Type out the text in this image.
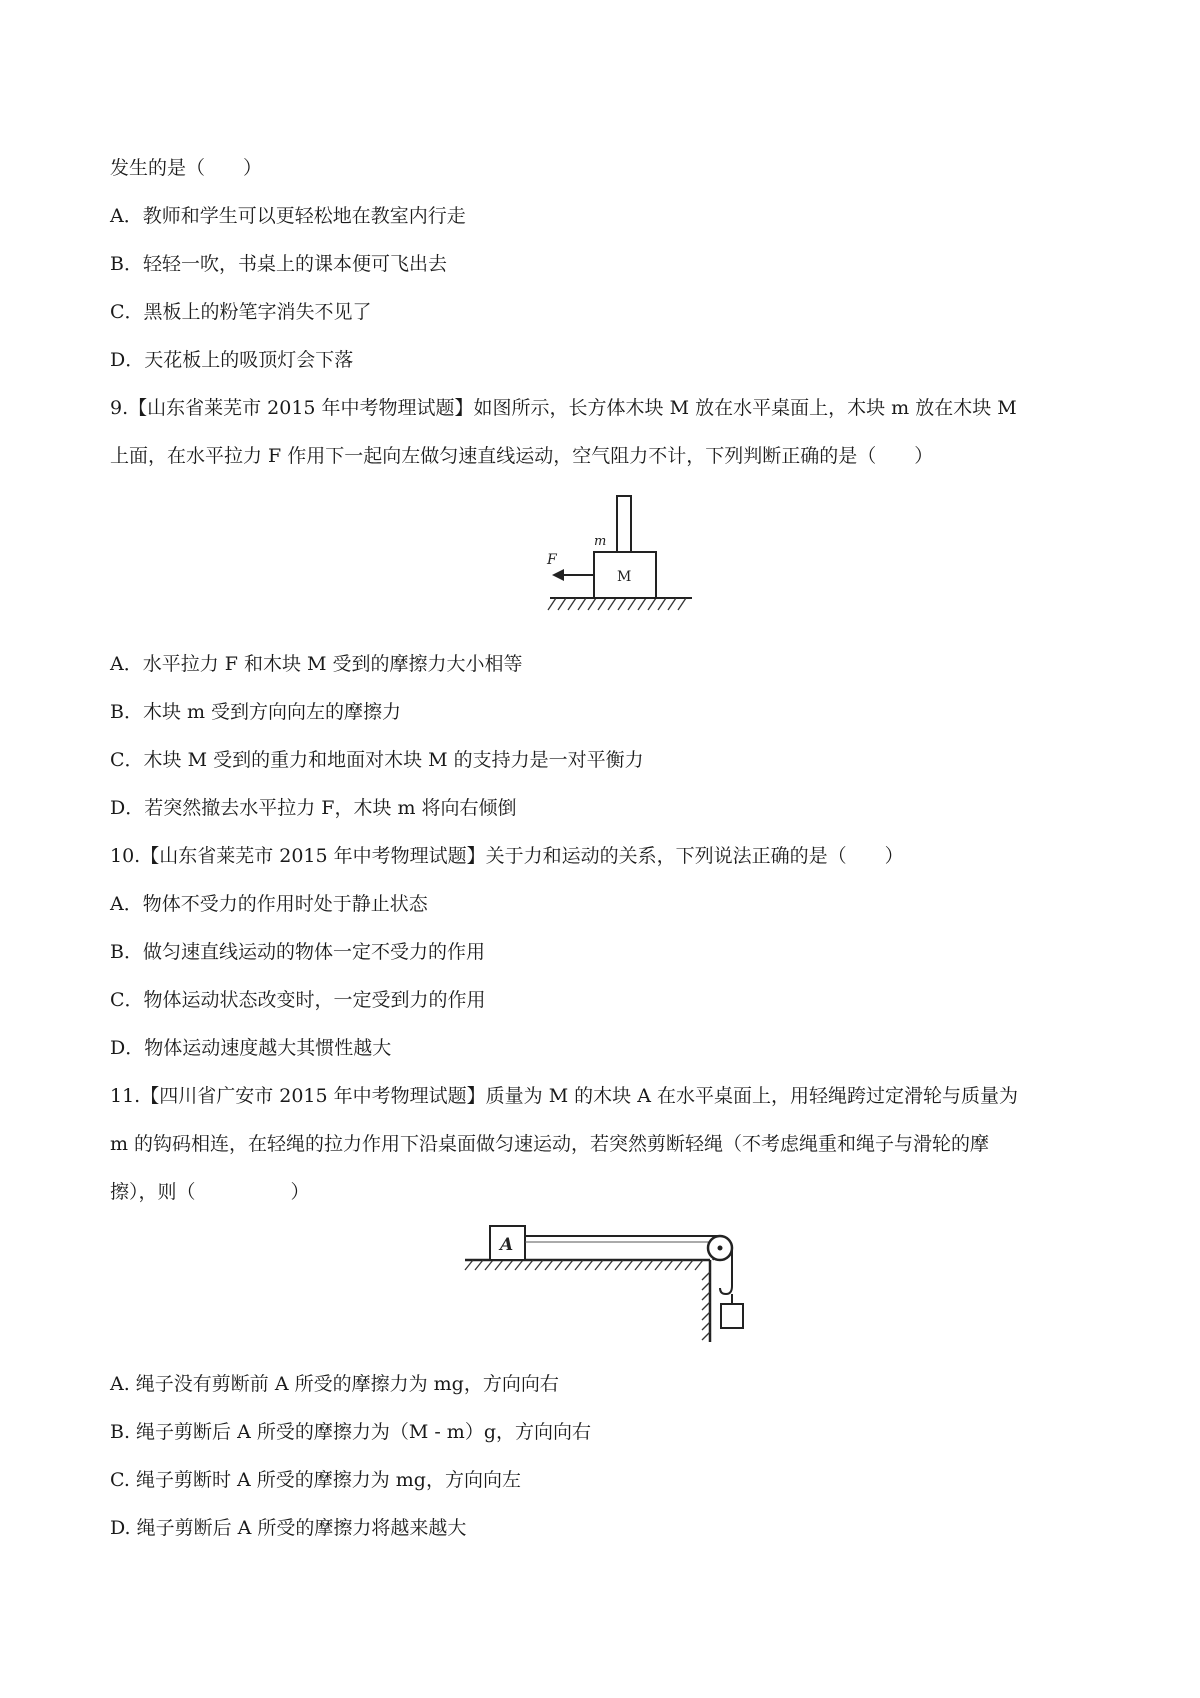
发生的是（　　）
A．教师和学生可以更轻松地在教室内行走
B．轻轻一吹，书桌上的课本便可飞出去
C．黑板上的粉笔字消失不见了
D．天花板上的吸顶灯会下落
9.【山东省莱芜市 2015 年中考物理试题】如图所示，长方体木块 M 放在水平桌面上，木块 m 放在木块 M
上面，在水平拉力 F 作用下一起向左做匀速直线运动，空气阻力不计，下列判断正确的是（　　）
F
m
M
A．水平拉力 F 和木块 M 受到的摩擦力大小相等
B．木块 m 受到方向向左的摩擦力
C．木块 M 受到的重力和地面对木块 M 的支持力是一对平衡力
D．若突然撤去水平拉力 F，木块 m 将向右倾倒
10.【山东省莱芜市 2015 年中考物理试题】关于力和运动的关系，下列说法正确的是（　　）
A．物体不受力的作用时处于静止状态
B．做匀速直线运动的物体一定不受力的作用
C．物体运动状态改变时，一定受到力的作用
D．物体运动速度越大其惯性越大
11.【四川省广安市 2015 年中考物理试题】质量为 M 的木块 A 在水平桌面上，用轻绳跨过定滑轮与质量为
m 的钩码相连，在轻绳的拉力作用下沿桌面做匀速运动，若突然剪断轻绳（不考虑绳重和绳子与滑轮的摩
擦），则（　　　　　）
A
A. 绳子没有剪断前 A 所受的摩擦力为 mg，方向向右
B. 绳子剪断后 A 所受的摩擦力为（M - m）g，方向向右
C. 绳子剪断时 A 所受的摩擦力为 mg，方向向左
D. 绳子剪断后 A 所受的摩擦力将越来越大
